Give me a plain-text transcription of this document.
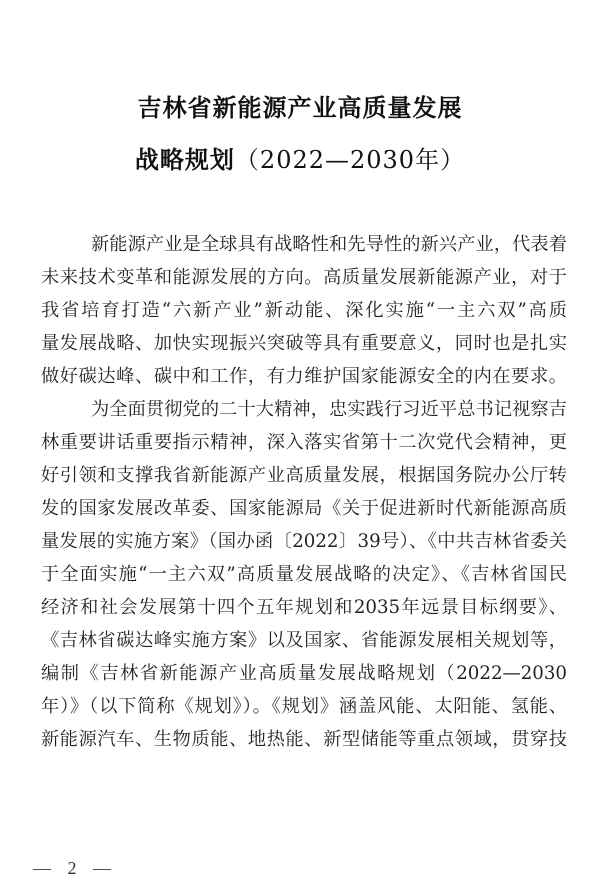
吉林省新能源产业高质量发展
战略规划（2022—2030年）
新能源产业是全球具有战略性和先导性的新兴产业，代表着
未来技术变革和能源发展的方向。高质量发展新能源产业，对于
我省培育打造“六新产业”新动能、深化实施“一主六双”高质
量发展战略、加快实现振兴突破等具有重要意义，同时也是扎实
做好碳达峰、碳中和工作，有力维护国家能源安全的内在要求。
为全面贯彻党的二十大精神，忠实践行习近平总书记视察吉
林重要讲话重要指示精神，深入落实省第十二次党代会精神，更
好引领和支撑我省新能源产业高质量发展，根据国务院办公厅转
发的国家发展改革委、国家能源局《关于促进新时代新能源高质
量发展的实施方案》（国办函〔2022〕39号）、《中共吉林省委关
于全面实施“一主六双”高质量发展战略的决定》、《吉林省国民
经济和社会发展第十四个五年规划和2035年远景目标纲要》、
《吉林省碳达峰实施方案》以及国家、省能源发展相关规划等，
编制《吉林省新能源产业高质量发展战略规划（2022—2030
年）》（以下简称《规划》）。《规划》涵盖风能、太阳能、氢能、
新能源汽车、生物质能、地热能、新型储能等重点领域，贯穿技
— 2 —
